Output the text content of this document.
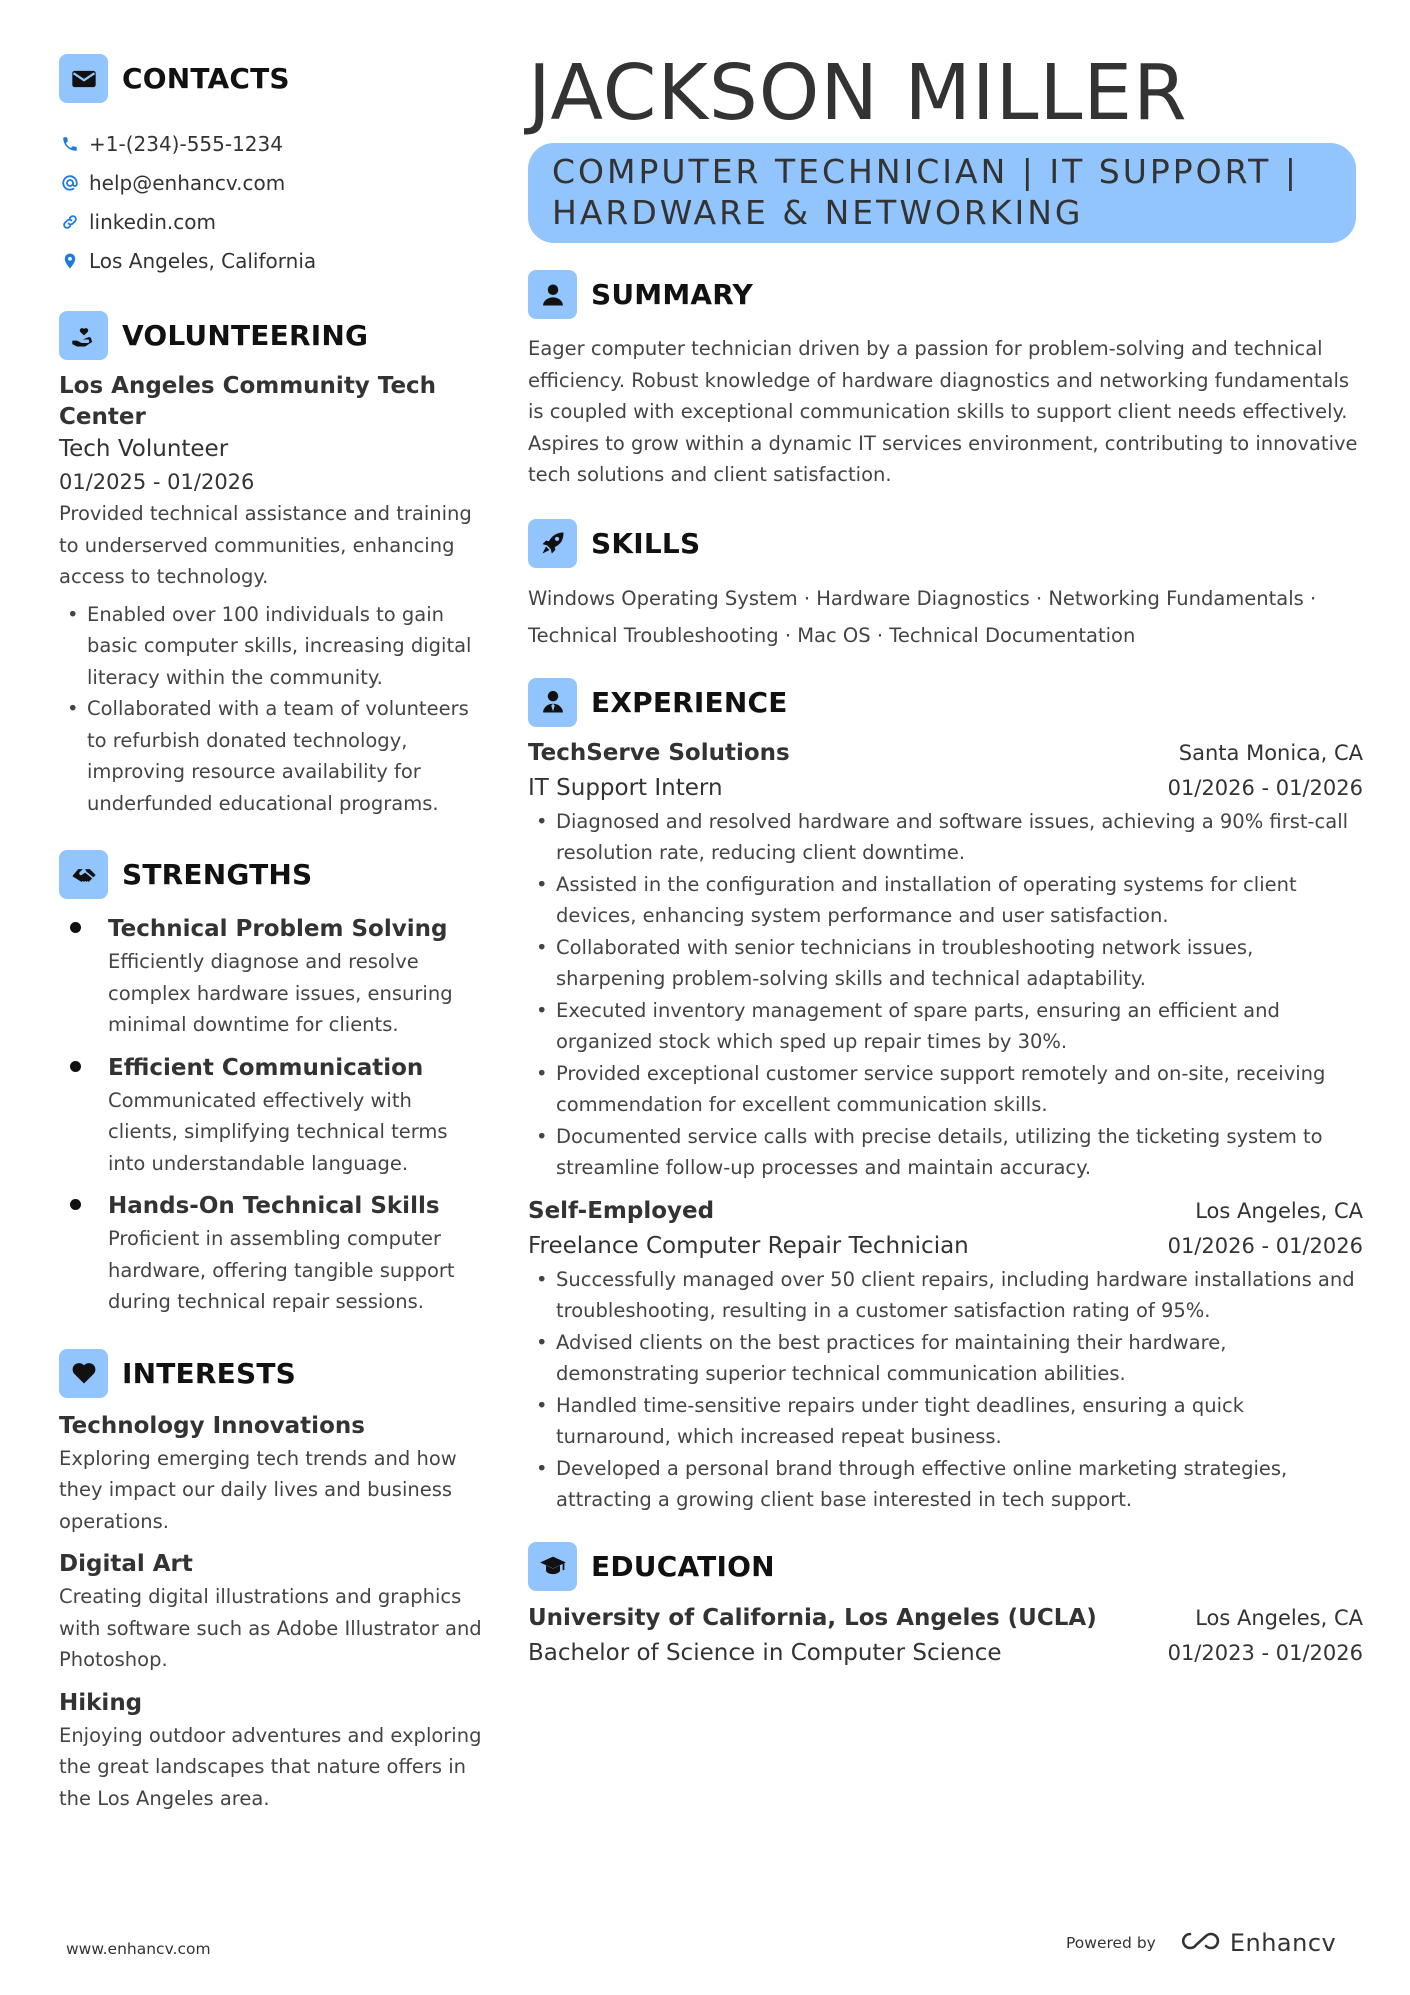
CONTACTS
+1-(234)-555-1234
help@enhancv.com
linkedin.com
Los Angeles, California
VOLUNTEERING
Los Angeles Community Tech Center
Tech Volunteer
01/2025 - 01/2026
Provided technical assistance and training to underserved communities, enhancing access to technology.
• Enabled over 100 individuals to gain basic computer skills, increasing digital literacy within the community.
• Collaborated with a team of volunteers to refurbish donated technology, improving resource availability for underfunded educational programs.
STRENGTHS
Technical Problem Solving
Efficiently diagnose and resolve complex hardware issues, ensuring minimal downtime for clients.
Efficient Communication
Communicated effectively with clients, simplifying technical terms into understandable language.
Hands-On Technical Skills
Proficient in assembling computer hardware, offering tangible support during technical repair sessions.
INTERESTS
Technology Innovations
Exploring emerging tech trends and how they impact our daily lives and business operations.
Digital Art
Creating digital illustrations and graphics with software such as Adobe Illustrator and Photoshop.
Hiking
Enjoying outdoor adventures and exploring the great landscapes that nature offers in the Los Angeles area.
JACKSON MILLER
COMPUTER TECHNICIAN | IT SUPPORT |
HARDWARE & NETWORKING
SUMMARY
Eager computer technician driven by a passion for problem-solving and technical efficiency. Robust knowledge of hardware diagnostics and networking fundamentals is coupled with exceptional communication skills to support client needs effectively. Aspires to grow within a dynamic IT services environment, contributing to innovative tech solutions and client satisfaction.
SKILLS
Windows Operating System · Hardware Diagnostics · Networking Fundamentals ·
Technical Troubleshooting · Mac OS · Technical Documentation
EXPERIENCE
TechServe Solutions	Santa Monica, CA
IT Support Intern	01/2026 - 01/2026
• Diagnosed and resolved hardware and software issues, achieving a 90% first-call resolution rate, reducing client downtime.
• Assisted in the configuration and installation of operating systems for client devices, enhancing system performance and user satisfaction.
• Collaborated with senior technicians in troubleshooting network issues, sharpening problem-solving skills and technical adaptability.
• Executed inventory management of spare parts, ensuring an efficient and organized stock which sped up repair times by 30%.
• Provided exceptional customer service support remotely and on-site, receiving commendation for excellent communication skills.
• Documented service calls with precise details, utilizing the ticketing system to streamline follow-up processes and maintain accuracy.
Self-Employed	Los Angeles, CA
Freelance Computer Repair Technician	01/2026 - 01/2026
• Successfully managed over 50 client repairs, including hardware installations and troubleshooting, resulting in a customer satisfaction rating of 95%.
• Advised clients on the best practices for maintaining their hardware, demonstrating superior technical communication abilities.
• Handled time-sensitive repairs under tight deadlines, ensuring a quick turnaround, which increased repeat business.
• Developed a personal brand through effective online marketing strategies, attracting a growing client base interested in tech support.
EDUCATION
University of California, Los Angeles (UCLA)	Los Angeles, CA
Bachelor of Science in Computer Science	01/2023 - 01/2026
www.enhancv.com	Powered by	Enhancv
